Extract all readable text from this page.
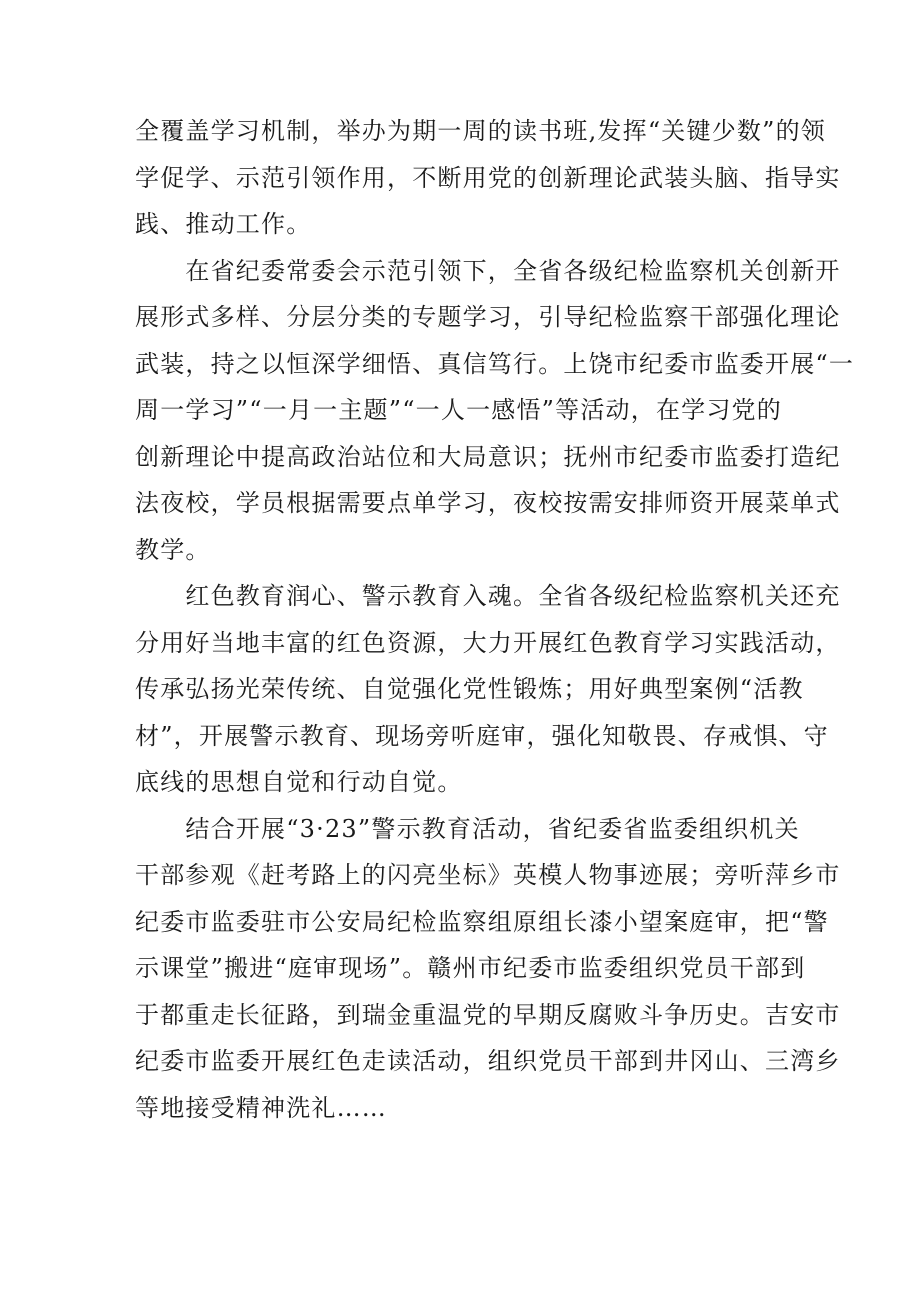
全覆盖学习机制，举办为期一周的读书班,发挥“关键少数”的领
学促学、示范引领作用，不断用党的创新理论武装头脑、指导实
践、推动工作。
　　在省纪委常委会示范引领下，全省各级纪检监察机关创新开
展形式多样、分层分类的专题学习，引导纪检监察干部强化理论
武装，持之以恒深学细悟、真信笃行。上饶市纪委市监委开展“一
周一学习”“一月一主题”“一人一感悟”等活动，在学习党的
创新理论中提高政治站位和大局意识；抚州市纪委市监委打造纪
法夜校，学员根据需要点单学习，夜校按需安排师资开展菜单式
教学。
　　红色教育润心、警示教育入魂。全省各级纪检监察机关还充
分用好当地丰富的红色资源，大力开展红色教育学习实践活动，
传承弘扬光荣传统、自觉强化党性锻炼；用好典型案例“活教
材”，开展警示教育、现场旁听庭审，强化知敬畏、存戒惧、守
底线的思想自觉和行动自觉。
　　结合开展“3·23”警示教育活动，省纪委省监委组织机关
干部参观《赶考路上的闪亮坐标》英模人物事迹展；旁听萍乡市
纪委市监委驻市公安局纪检监察组原组长漆小望案庭审，把“警
示课堂”搬进“庭审现场”。赣州市纪委市监委组织党员干部到
于都重走长征路，到瑞金重温党的早期反腐败斗争历史。吉安市
纪委市监委开展红色走读活动，组织党员干部到井冈山、三湾乡
等地接受精神洗礼……
